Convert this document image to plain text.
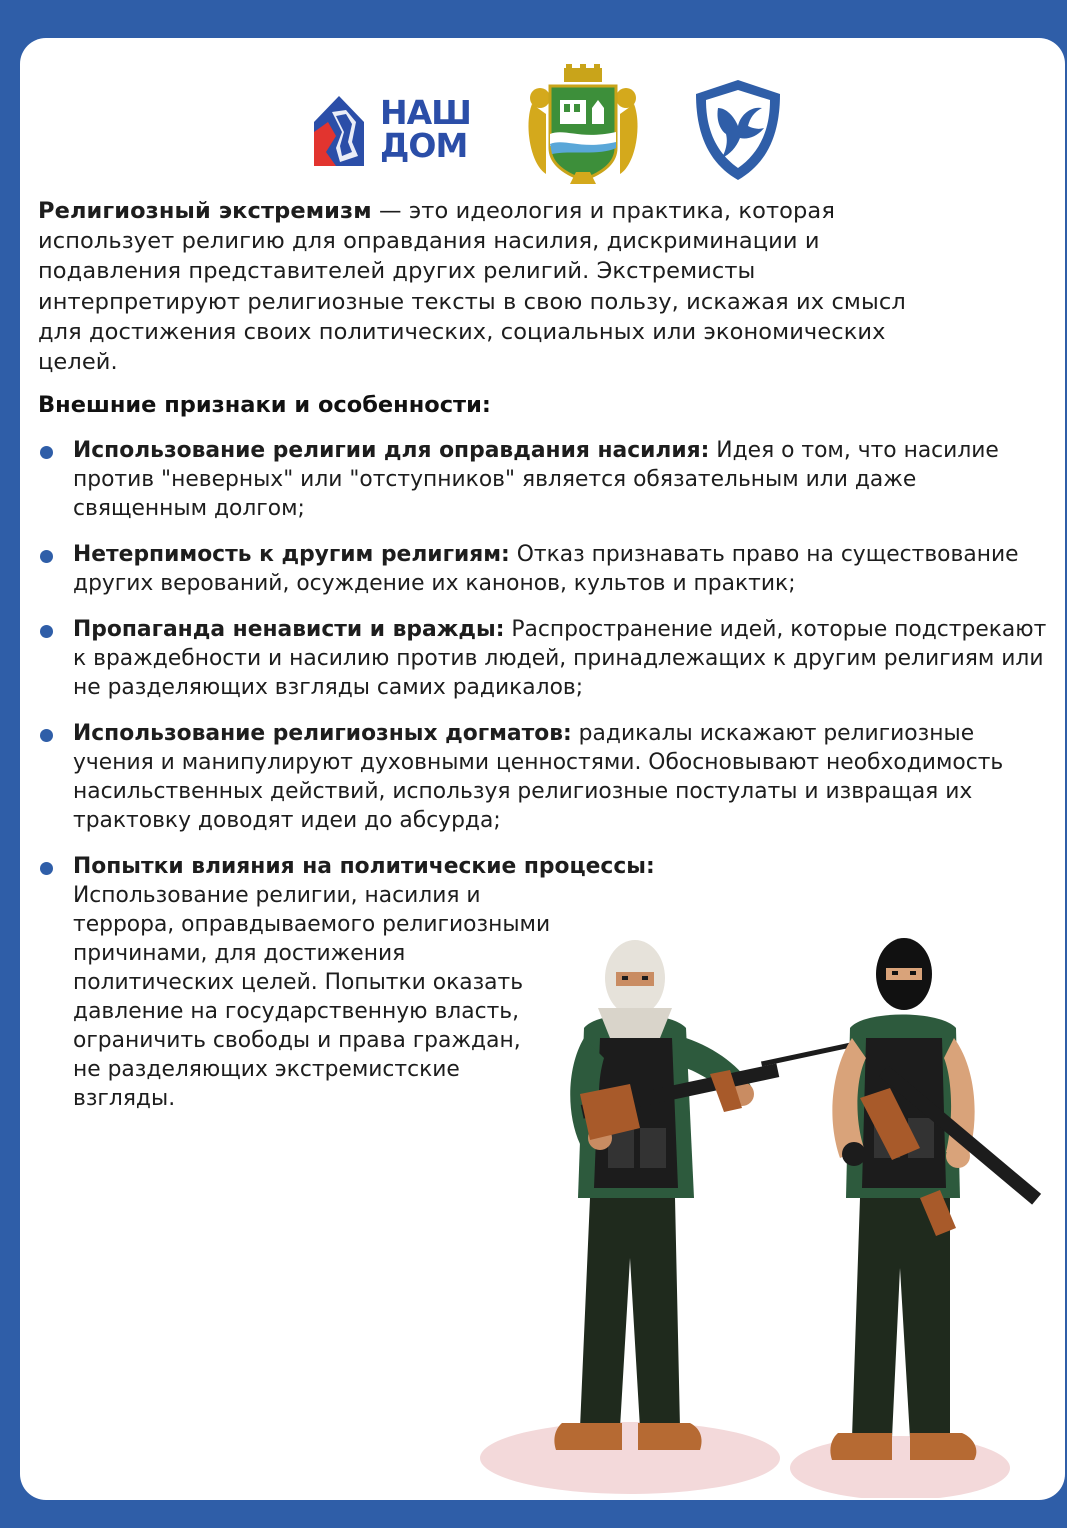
НАШ
ДОМ
Религиозный экстремизм — это идеология и практика, которая использует религию для оправдания насилия, дискриминации и подавления представителей других религий. Экстремисты интерпретируют религиозные тексты в свою пользу, искажая их смысл для достижения своих политических, социальных или экономических целей.
Внешние признаки и особенности:
Использование религии для оправдания насилия: Идея о том, что насилие против "неверных" или "отступников" является обязательным или даже священным долгом;
Нетерпимость к другим религиям: Отказ признавать право на существование других верований, осуждение их канонов, культов и практик;
Пропаганда ненависти и вражды: Распространение идей, которые подстрекают к враждебности и насилию против людей, принадлежащих к другим религиям или не разделяющих взгляды самих радикалов;
Использование религиозных догматов: радикалы искажают религиозные учения и манипулируют духовными ценностями. Обосновывают необходимость насильственных действий, используя религиозные постулаты и извращая их трактовку доводят идеи до абсурда;
Попытки влияния на политические процессы:
Использование религии, насилия и террора, оправдываемого религиозными причинами, для достижения политических целей. Попытки оказать давление на государственную власть, ограничить свободы и права граждан, не разделяющих экстремистские взгляды.
